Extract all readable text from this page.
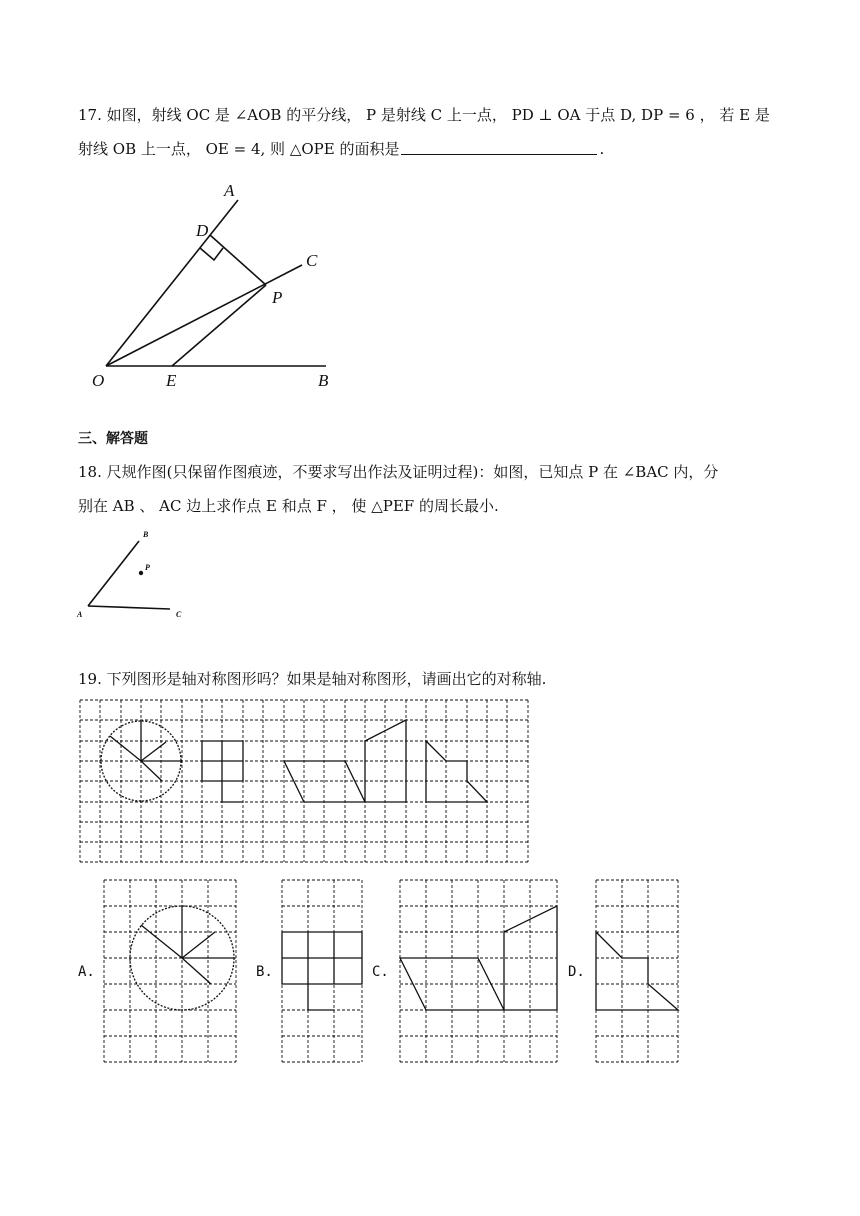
17. 如图，射线 OC 是 ∠AOB 的平分线， P 是射线 C 上一点， PD ⊥ OA 于点 D, DP = 6 ， 若 E 是
射线 OB 上一点， OE = 4, 则 △OPE 的面积是	.
A
D
C
P
O	E	B
B
P
A	C
三、解答题
18. 尺规作图(只保留作图痕迹，不要求写出作法及证明过程)：如图，已知点 P 在 ∠BAC 内，分
别在 AB 、 AC 边上求作点 E 和点 F ， 使 △PEF 的周长最小.
19. 下列图形是轴对称图形吗？如果是轴对称图形，请画出它的对称轴.
A.	B.	C.	D.
